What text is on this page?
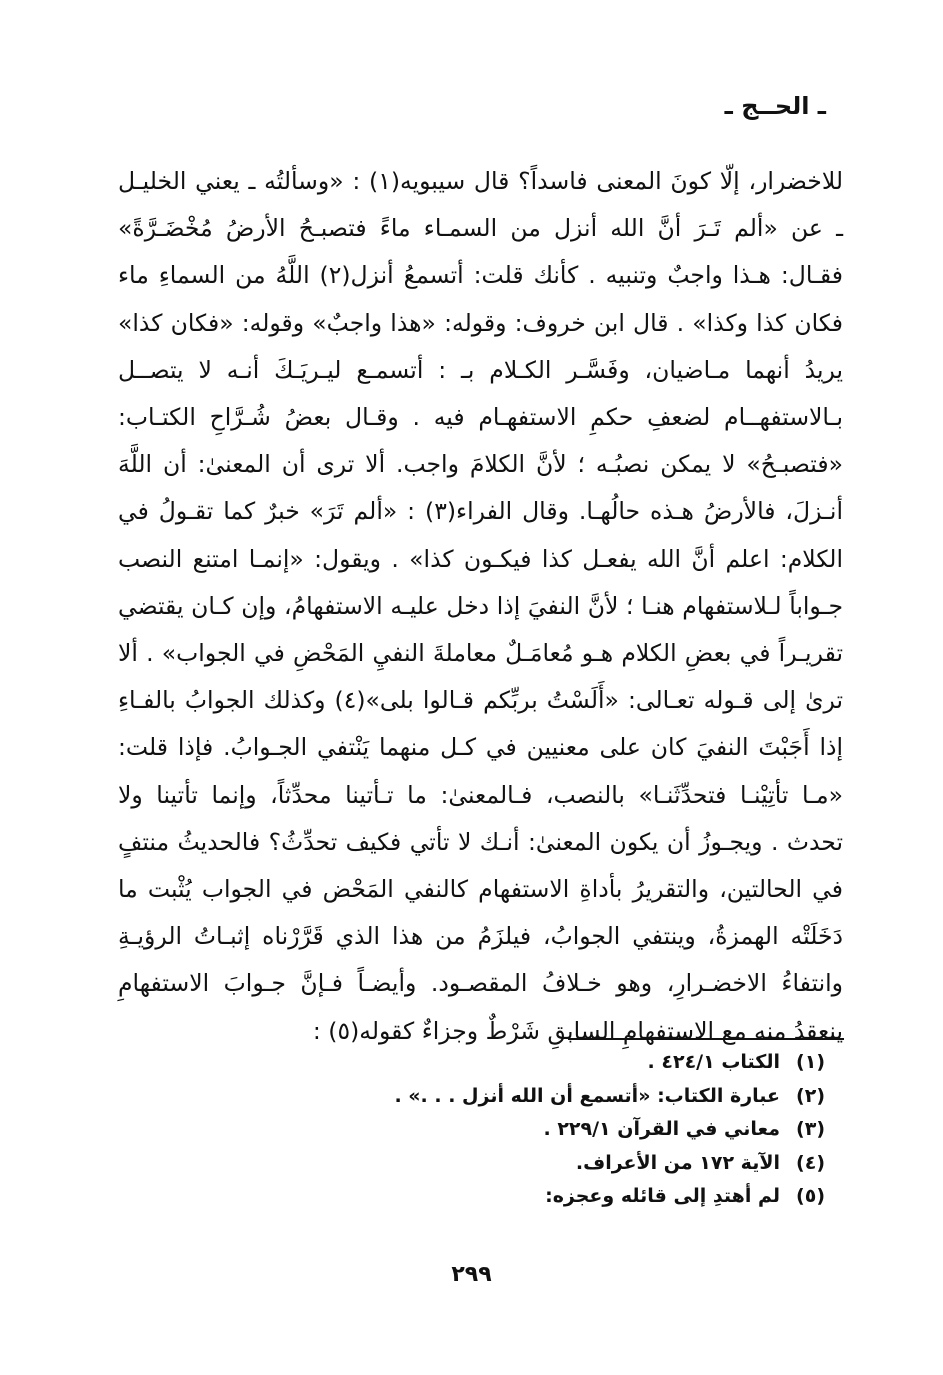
ـ الحــج ـ

للاخضرار، إلّا كونَ المعنى فاسداً؟ قال سيبويه(١) : «وسألتُه ـ يعني الخليـل ـ عن «ألم تَـرَ أنَّ الله أنزل من السمـاء ماءً فتصبـحُ الأرضُ مُخْضَـرَّةً» فقـال: هـذا واجبٌ وتنبيه . كأنك قلت: أتسمعُ أنزل(٢) اللَّهُ من السماءِ ماء فكان كذا وكذا» . قال ابن خروف: وقوله: «هذا واجبٌ» وقوله: «فكان كذا» يريدُ أنهما مـاضيان، وفَسَّـر الكـلام بـ : أتسمـع ليـريَـكَ أنـه لا يتصــل بـالاستفهــام لضعفِ حكمِ الاستفهـام فيه . وقـال بعضُ شُـرَّاحِ الكتـاب: «فتصبـحُ» لا يمكن نصبُـه ؛ لأنَّ الكلامَ واجب. ألا ترى أن المعنىٰ: أن اللَّهَ أنـزلَ، فالأرضُ هـذه حالُهـا. وقال الفراء(٣) : «ألم تَرَ» خبرٌ كما تقـولُ في الكلام: اعلم أنَّ الله يفعـل كذا فيكـون كذا» . ويقول: «إنمـا امتنع النصب جـواباً لـلاستفهام هنـا ؛ لأنَّ النفيَ إذا دخل عليـه الاستفهامُ، وإن كـان يقتضي تقريـراً في بعضِ الكلام هـو مُعامَـلٌ معاملةَ النفيِ المَحْضِ في الجواب» . ألا ترىٰ إلى قـوله تعـالى: «أَلَسْتُ بربِّكم قـالوا بلى»(٤) وكذلك الجوابُ بالفـاءِ إذا أَجَبْتَ النفيَ كان على معنيين في كـل منهما يَنْتفي الجـوابُ. فإذا قلت: «مـا تأتِيْنـا فتحدِّثَنـا» بالنصب، فـالمعنىٰ: ما تـأتينا محدِّثاً، وإنما تأتينا ولا تحدث . ويجـوزُ أن يكون المعنىٰ: أنـك لا تأتي فكيف تحدِّثُ؟ فالحديثُ منتفٍ في الحالتين، والتقريرُ بأداةِ الاستفهام كالنفي المَحْض في الجواب يُثْبت ما دَخَلَتْه الهمزةُ، وينتفي الجوابُ، فيلزَمُ من هذا الذي قَرَّرْناه إثبـاتُ الرؤيـةِ وانتفاءُ الاخضـرارِ، وهو خـلافُ المقصـود. وأيضـاً فـإنَّ جـوابَ الاستفهامِ ينعقدُ منه مع الاستفهامِ السابقِ شَرْطٌ وجزاءٌ كقوله(٥) :

(١)
الكتاب ٤٢٤/١ .
(٢)
عبارة الكتاب: «أتسمع أن الله أنزل . . .» .
(٣)
معاني في القرآن ٢٢٩/١ .
(٤)
الآية ١٧٢ من الأعراف.
(٥)
لم أهتدِ إلى قائله وعجزه:
٢٩٩
